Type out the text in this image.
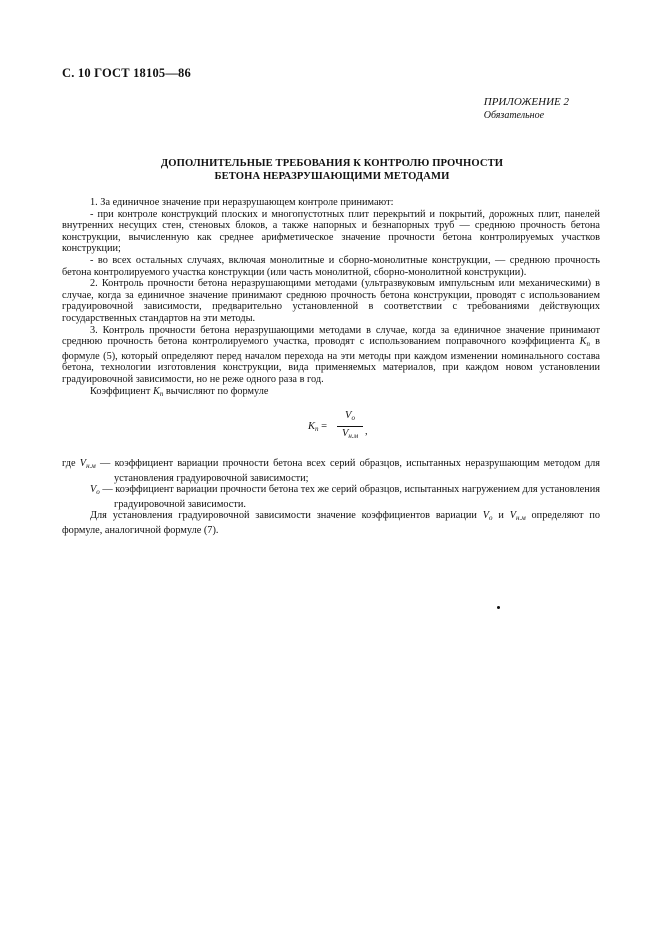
С. 10 ГОСТ 18105—86
ПРИЛОЖЕНИЕ 2
Обязательное
ДОПОЛНИТЕЛЬНЫЕ ТРЕБОВАНИЯ К КОНТРОЛЮ ПРОЧНОСТИ
БЕТОНА НЕРАЗРУШАЮЩИМИ МЕТОДАМИ

1. За единичное значение при неразрушающем контроле принимают:

- при контроле конструкций плоских и многопустотных плит перекрытий и покрытий, дорожных плит, панелей внутренних несущих стен, стеновых блоков, а также напорных и безнапорных труб — среднюю прочность бетона конструкции, вычисленную как среднее арифметическое значение прочности бетона контролируемых участков конструкции;

- во всех остальных случаях, включая монолитные и сборно-монолитные конструкции, — среднюю прочность бетона контролируемого участка конструкции (или часть монолитной, сборно-монолитной конструкции).

2. Контроль прочности бетона неразрушающими методами (ультразвуковым импульсным или механическими) в случае, когда за единичное значение принимают среднюю прочность бетона конструкции, проводят с использованием градуировочной зависимости, предварительно установленной в соответствии с требованиями действующих государственных стандартов на эти методы.

3. Контроль прочности бетона неразрушающими методами в случае, когда за единичное значение принимают среднюю прочность бетона контролируемого участка, проводят с использованием поправочного коэффициента $K_п$ в формуле (5), который определяют перед началом перехода на эти методы при каждом изменении номинального состава бетона, технологии изготовления конструкции, вида применяемых материалов, при каждом новом установлении градуировочной зависимости, но не реже одного раза в год.

Коэффициент $K_п$ вычисляют по формуле

$K_п$ =
$V_о$
$V_{н.м}$ ,

где $V_{н.м}$ — коэффициент вариации прочности бетона всех серий образцов, испытанных неразрушающим методом для установления градуировочной зависимости;

$V_о$ — коэффициент вариации прочности бетона тех же серий образцов, испытанных нагружением для установления градуировочной зависимости.

Для установления градуировочной зависимости значение коэффициентов вариации $V_о$ и $V_{н.м}$ определяют по формуле, аналогичной формуле (7).
